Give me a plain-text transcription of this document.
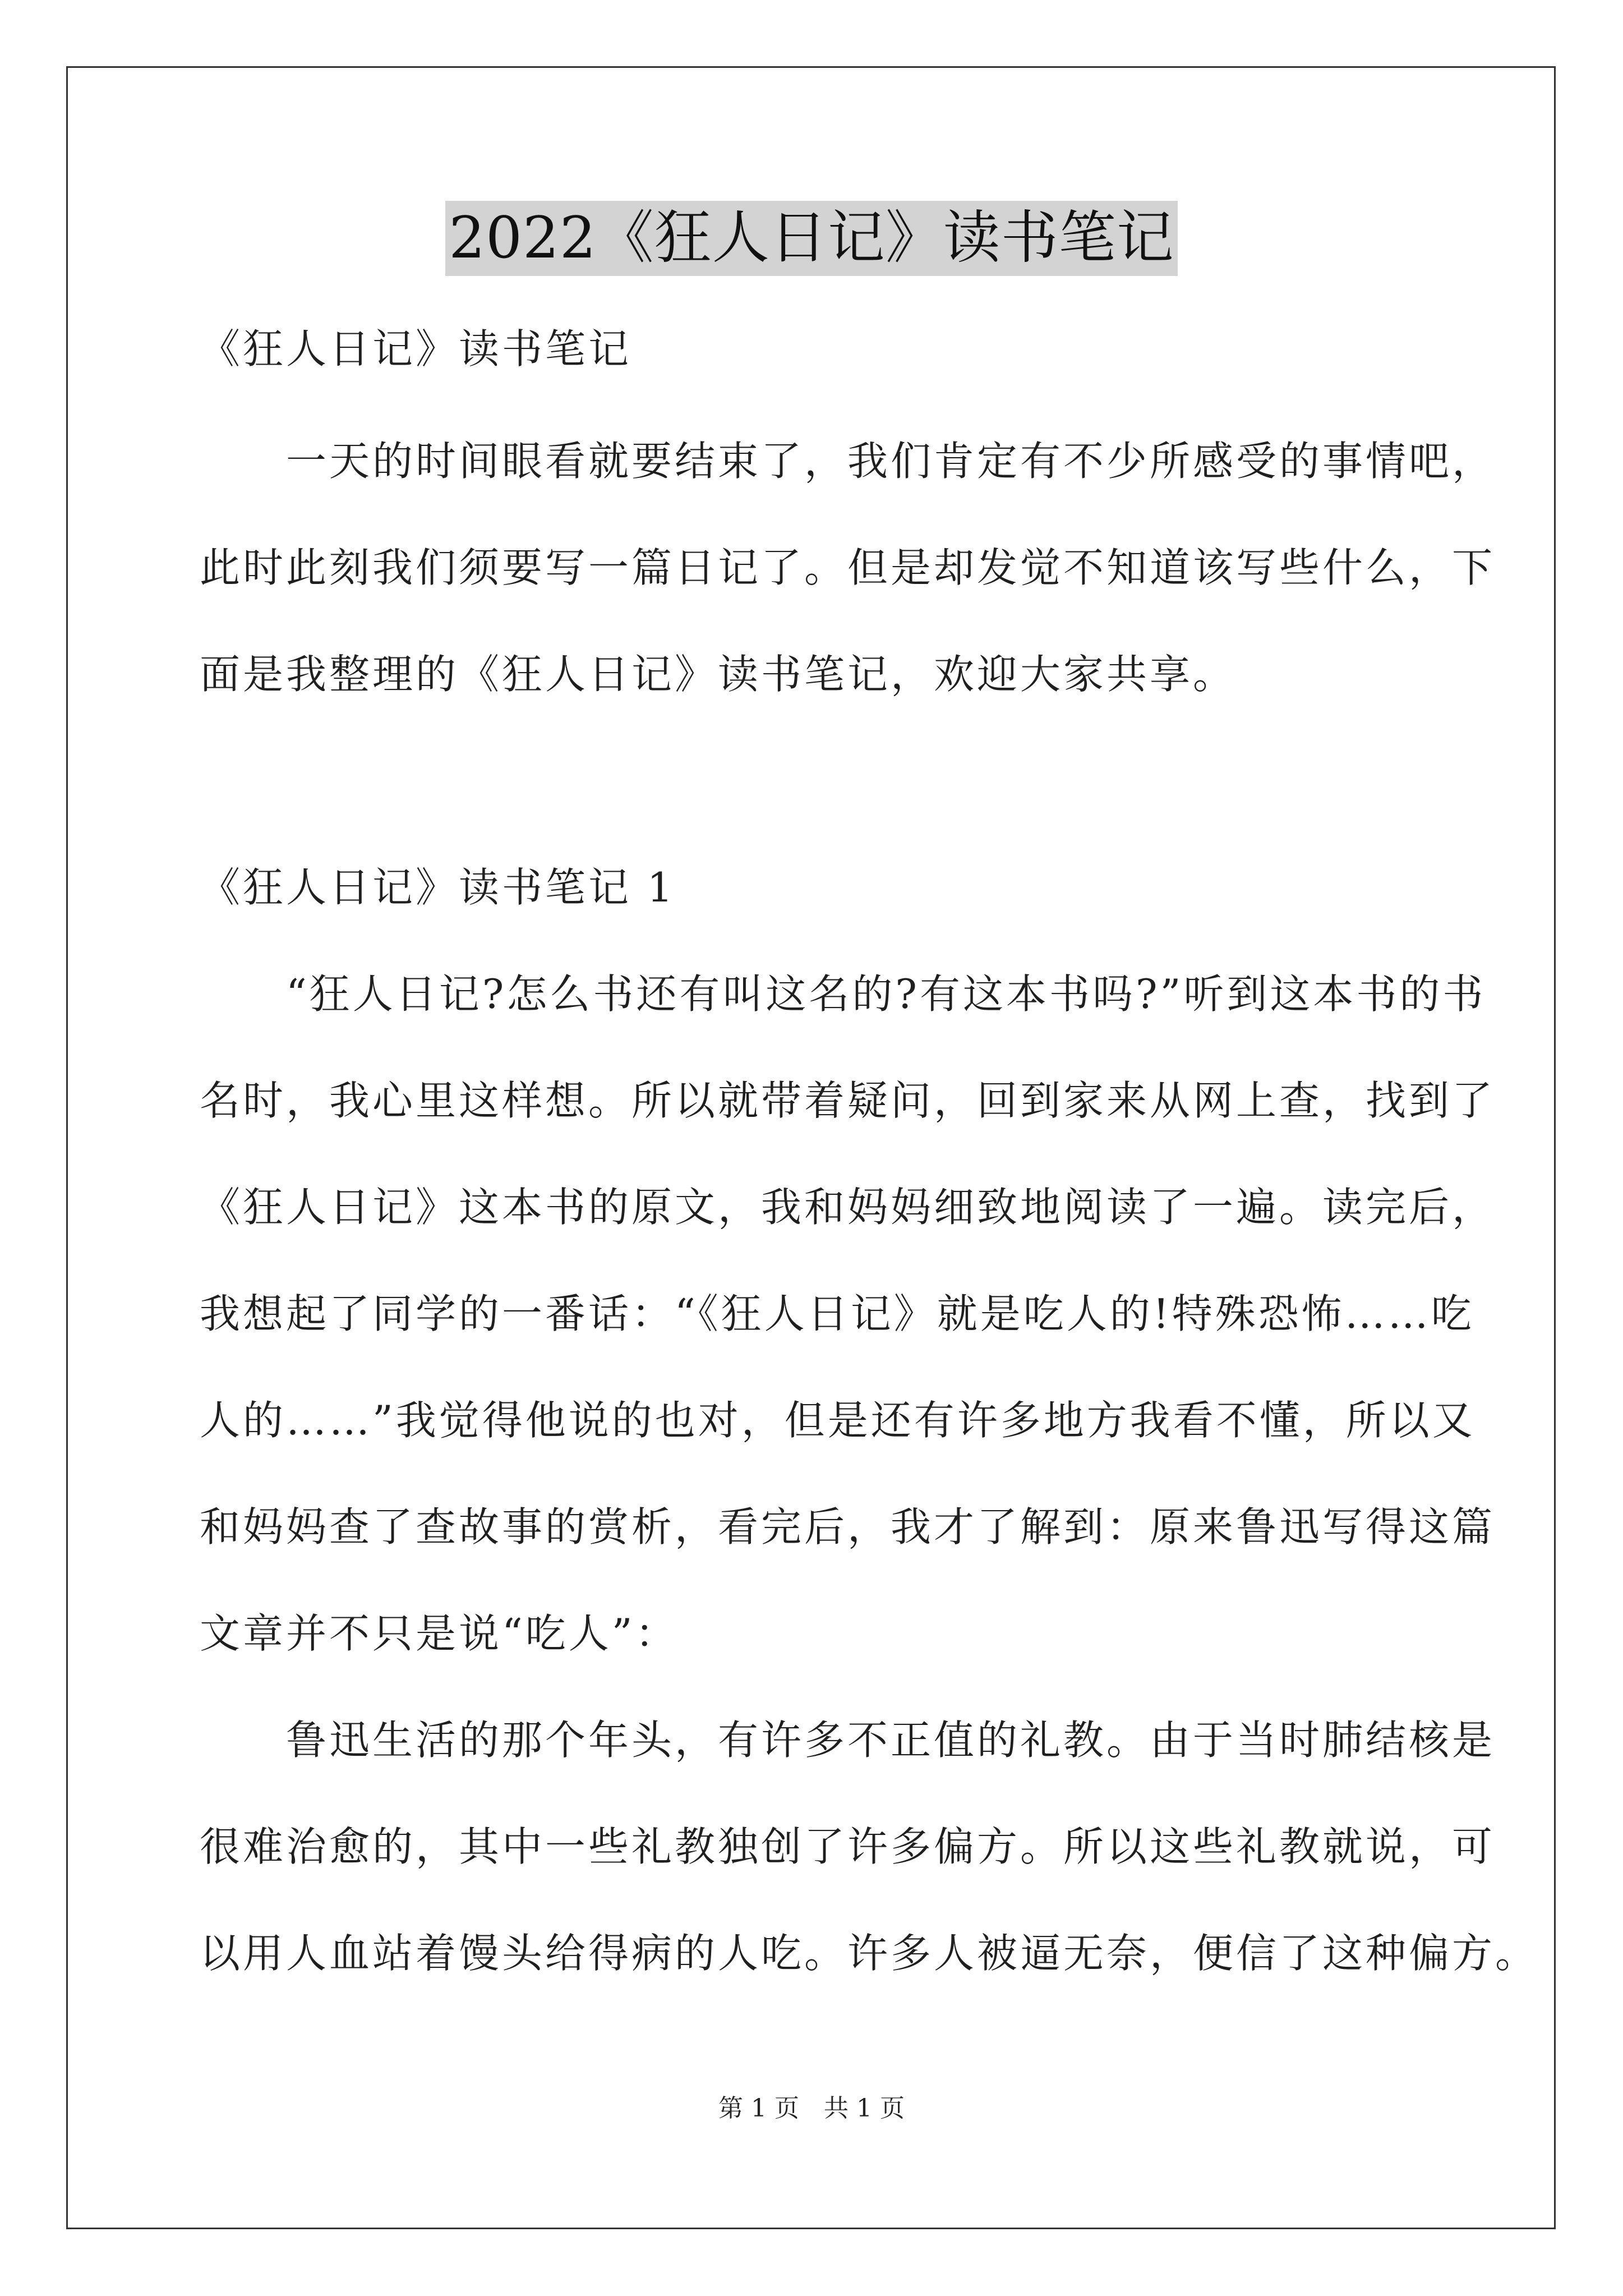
2022《狂人日记》读书笔记
《狂人日记》读书笔记
　　一天的时间眼看就要结束了，我们肯定有不少所感受的事情吧，
此时此刻我们须要写一篇日记了。但是却发觉不知道该写些什么，下
面是我整理的《狂人日记》读书笔记，欢迎大家共享。
《狂人日记》读书笔记 1
　　“狂人日记?怎么书还有叫这名的?有这本书吗?”听到这本书的书
名时，我心里这样想。所以就带着疑问，回到家来从网上查，找到了
《狂人日记》这本书的原文，我和妈妈细致地阅读了一遍。读完后，
我想起了同学的一番话：“《狂人日记》就是吃人的!特殊恐怖……吃
人的……”我觉得他说的也对，但是还有许多地方我看不懂，所以又
和妈妈查了查故事的赏析，看完后，我才了解到：原来鲁迅写得这篇
文章并不只是说“吃人”：
　　鲁迅生活的那个年头，有许多不正值的礼教。由于当时肺结核是
很难治愈的，其中一些礼教独创了许多偏方。所以这些礼教就说，可
以用人血站着馒头给得病的人吃。许多人被逼无奈，便信了这种偏方。
第 1 页　共 1 页
